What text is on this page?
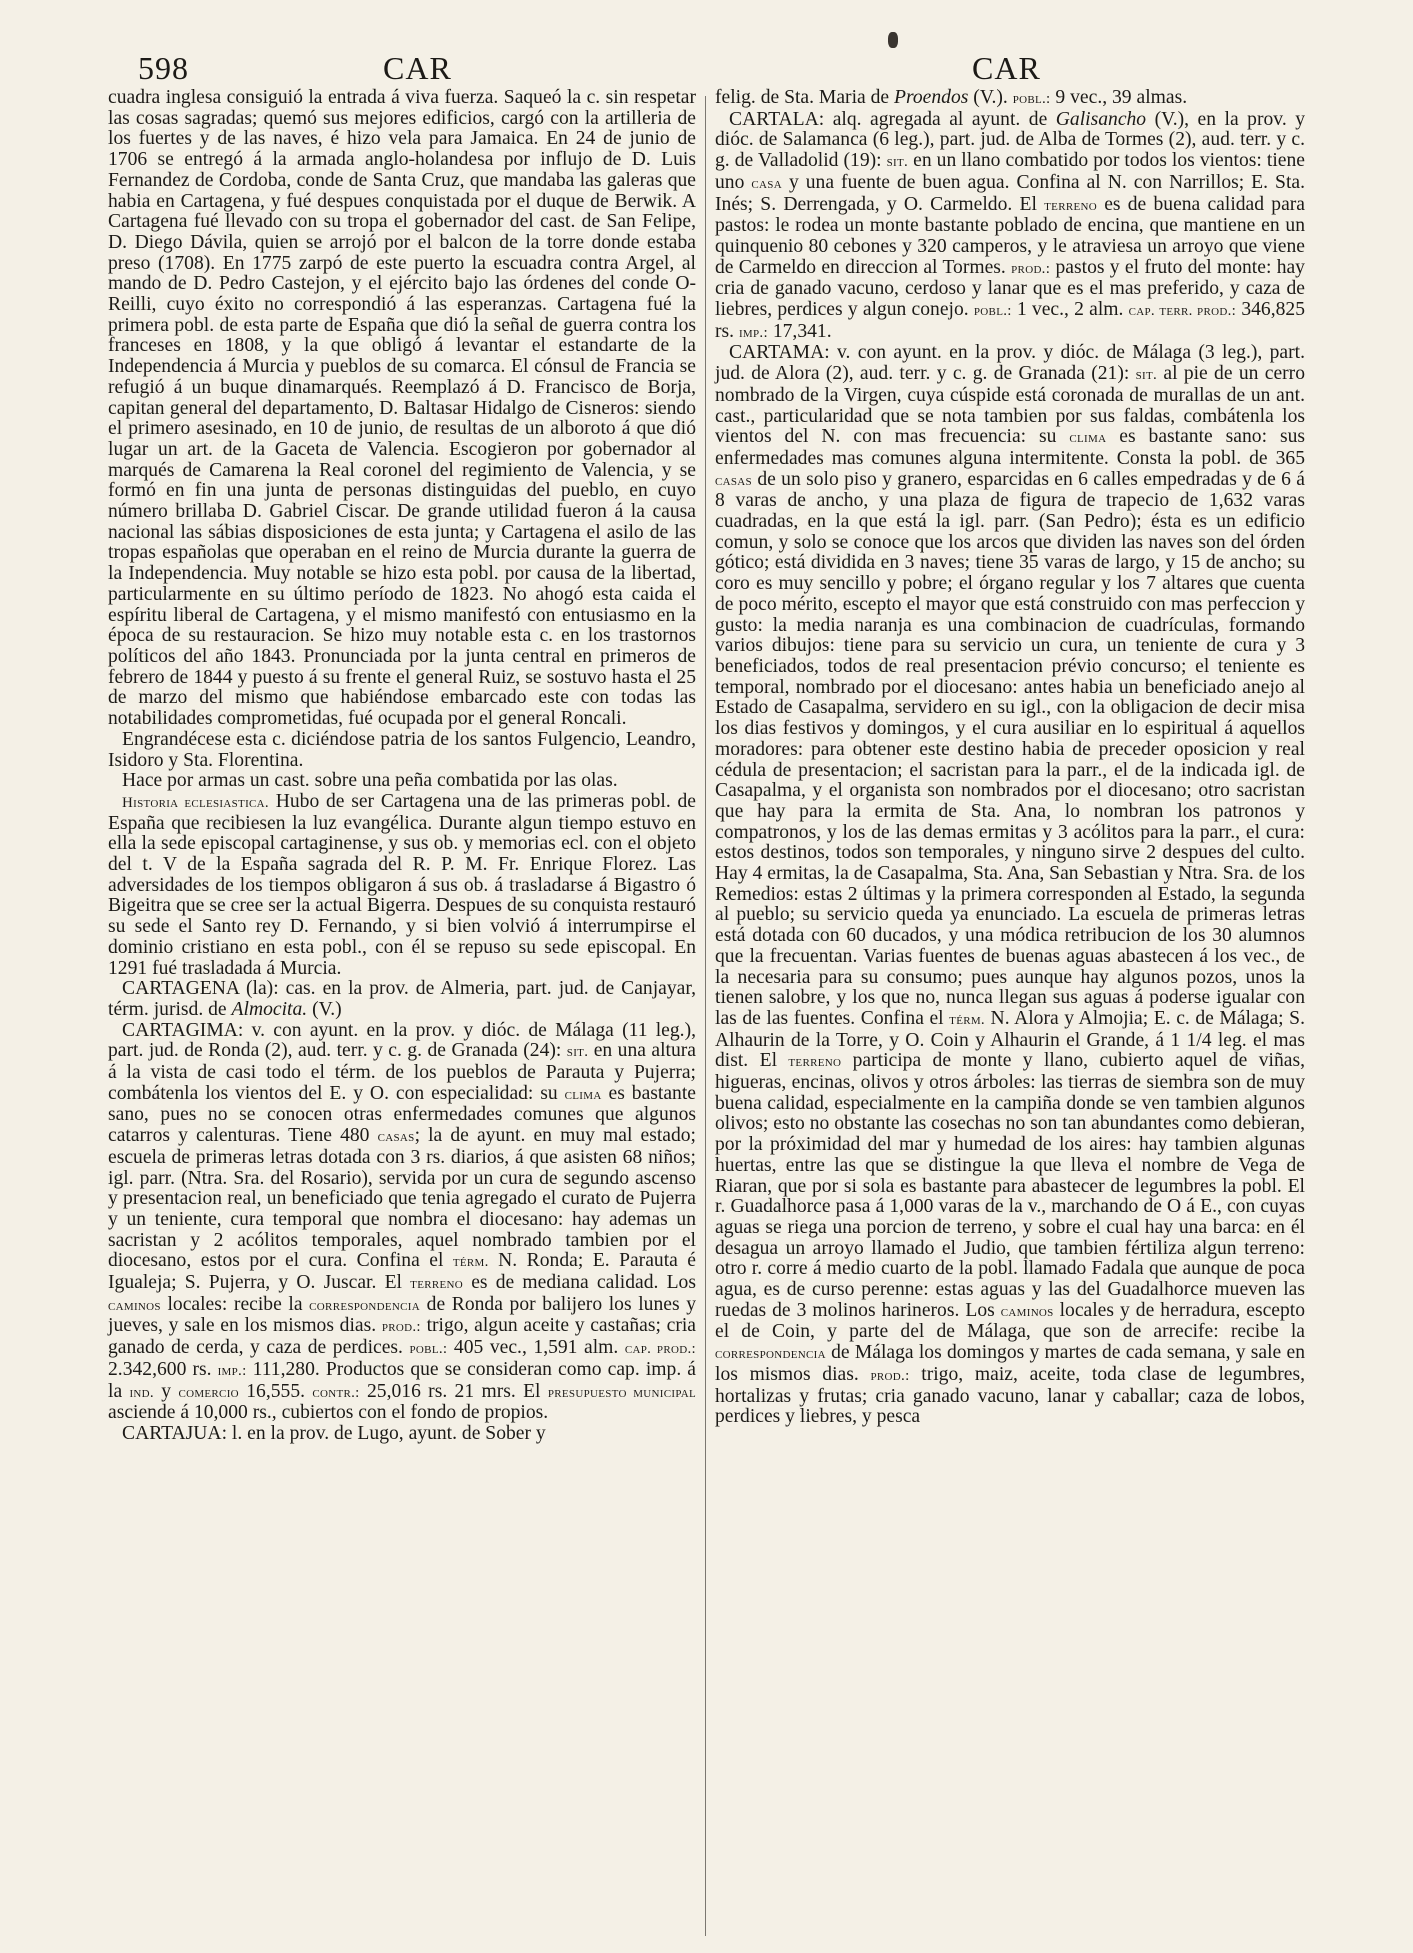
598	CAR	CAR

cuadra inglesa consiguió la entrada á viva fuerza. Saqueó la c. sin respetar las cosas sagradas; quemó sus mejores edificios, cargó con la artilleria de los fuertes y de las naves, é hizo vela para Jamaica. En 24 de junio de 1706 se entregó á la armada anglo-holandesa por influjo de D. Luis Fernandez de Cordoba, conde de Santa Cruz, que mandaba las galeras que habia en Cartagena, y fué despues conquistada por el duque de Berwik. A Cartagena fué llevado con su tropa el gobernador del cast. de San Felipe, D. Diego Dávila, quien se arrojó por el balcon de la torre donde estaba preso (1708). En 1775 zarpó de este puerto la escuadra contra Argel, al mando de D. Pedro Castejon, y el ejército bajo las órdenes del conde O-Reilli, cuyo éxito no correspondió á las esperanzas. Cartagena fué la primera pobl. de esta parte de España que dió la señal de guerra contra los franceses en 1808, y la que obligó á levantar el estandarte de la Independencia á Murcia y pueblos de su comarca. El cónsul de Francia se refugió á un buque dinamarqués. Reemplazó á D. Francisco de Borja, capitan general del departamento, D. Baltasar Hidalgo de Cisneros: siendo el primero asesinado, en 10 de junio, de resultas de un alboroto á que dió lugar un art. de la Gaceta de Valencia. Escogieron por gobernador al marqués de Camarena la Real coronel del regimiento de Valencia, y se formó en fin una junta de personas distinguidas del pueblo, en cuyo número brillaba D. Gabriel Ciscar. De grande utilidad fueron á la causa nacional las sábias disposiciones de esta junta; y Cartagena el asilo de las tropas españolas que operaban en el reino de Murcia durante la guerra de la Independencia. Muy notable se hizo esta pobl. por causa de la libertad, particularmente en su último período de 1823. No ahogó esta caida el espíritu liberal de Cartagena, y el mismo manifestó con entusiasmo en la época de su restauracion. Se hizo muy notable esta c. en los trastornos políticos del año 1843. Pronunciada por la junta central en primeros de febrero de 1844 y puesto á su frente el general Ruiz, se sostuvo hasta el 25 de marzo del mismo que habiéndose embarcado este con todas las notabilidades comprometidas, fué ocupada por el general Roncali.

Engrandécese esta c. diciéndose patria de los santos Fulgencio, Leandro, Isidoro y Sta. Florentina.

Hace por armas un cast. sobre una peña combatida por las olas.

Historia eclesiastica. Hubo de ser Cartagena una de las primeras pobl. de España que recibiesen la luz evangélica. Durante algun tiempo estuvo en ella la sede episcopal cartaginense, y sus ob. y memorias ecl. con el objeto del t. V de la España sagrada del R. P. M. Fr. Enrique Florez. Las adversidades de los tiempos obligaron á sus ob. á trasladarse á Bigastro ó Bigeitra que se cree ser la actual Bigerra. Despues de su conquista restauró su sede el Santo rey D. Fernando, y si bien volvió á interrumpirse el dominio cristiano en esta pobl., con él se repuso su sede episcopal. En 1291 fué trasladada á Murcia.

CARTAGENA (la): cas. en la prov. de Almeria, part. jud. de Canjayar, térm. jurisd. de Almocita. (V.)

CARTAGIMA: v. con ayunt. en la prov. y dióc. de Málaga (11 leg.), part. jud. de Ronda (2), aud. terr. y c. g. de Granada (24): sit. en una altura á la vista de casi todo el térm. de los pueblos de Parauta y Pujerra; combátenla los vientos del E. y O. con especialidad: su clima es bastante sano, pues no se conocen otras enfermedades comunes que algunos catarros y calenturas. Tiene 480 casas; la de ayunt. en muy mal estado; escuela de primeras letras dotada con 3 rs. diarios, á que asisten 68 niños; igl. parr. (Ntra. Sra. del Rosario), servida por un cura de segundo ascenso y presentacion real, un beneficiado que tenia agregado el curato de Pujerra y un teniente, cura temporal que nombra el diocesano: hay ademas un sacristan y 2 acólitos temporales, aquel nombrado tambien por el diocesano, estos por el cura. Confina el térm. N. Ronda; E. Parauta é Igualeja; S. Pujerra, y O. Juscar. El terreno es de mediana calidad. Los caminos locales: recibe la correspondencia de Ronda por balijero los lunes y jueves, y sale en los mismos dias. prod.: trigo, algun aceite y castañas; cria ganado de cerda, y caza de perdices. pobl.: 405 vec., 1,591 alm. cap. prod.: 2.342,600 rs. imp.: 111,280. Productos que se consideran como cap. imp. á la ind. y comercio 16,555. contr.: 25,016 rs. 21 mrs. El presupuesto municipal asciende á 10,000 rs., cubiertos con el fondo de propios.

CARTAJUA: l. en la prov. de Lugo, ayunt. de Sober y

felig. de Sta. Maria de Proendos (V.). pobl.: 9 vec., 39 almas.

CARTALA: alq. agregada al ayunt. de Galisancho (V.), en la prov. y dióc. de Salamanca (6 leg.), part. jud. de Alba de Tormes (2), aud. terr. y c. g. de Valladolid (19): sit. en un llano combatido por todos los vientos: tiene uno casa y una fuente de buen agua. Confina al N. con Narrillos; E. Sta. Inés; S. Derrengada, y O. Carmeldo. El terreno es de buena calidad para pastos: le rodea un monte bastante poblado de encina, que mantiene en un quinquenio 80 cebones y 320 camperos, y le atraviesa un arroyo que viene de Carmeldo en direccion al Tormes. prod.: pastos y el fruto del monte: hay cria de ganado vacuno, cerdoso y lanar que es el mas preferido, y caza de liebres, perdices y algun conejo. pobl.: 1 vec., 2 alm. cap. terr. prod.: 346,825 rs. imp.: 17,341.

CARTAMA: v. con ayunt. en la prov. y dióc. de Málaga (3 leg.), part. jud. de Alora (2), aud. terr. y c. g. de Granada (21): sit. al pie de un cerro nombrado de la Virgen, cuya cúspide está coronada de murallas de un ant. cast., particularidad que se nota tambien por sus faldas, combátenla los vientos del N. con mas frecuencia: su clima es bastante sano: sus enfermedades mas comunes alguna intermitente. Consta la pobl. de 365 casas de un solo piso y granero, esparcidas en 6 calles empedradas y de 6 á 8 varas de ancho, y una plaza de figura de trapecio de 1,632 varas cuadradas, en la que está la igl. parr. (San Pedro); ésta es un edificio comun, y solo se conoce que los arcos que dividen las naves son del órden gótico; está dividida en 3 naves; tiene 35 varas de largo, y 15 de ancho; su coro es muy sencillo y pobre; el órgano regular y los 7 altares que cuenta de poco mérito, escepto el mayor que está construido con mas perfeccion y gusto: la media naranja es una combinacion de cuadrículas, formando varios dibujos: tiene para su servicio un cura, un teniente de cura y 3 beneficiados, todos de real presentacion prévio concurso; el teniente es temporal, nombrado por el diocesano: antes habia un beneficiado anejo al Estado de Casapalma, servidero en su igl., con la obligacion de decir misa los dias festivos y domingos, y el cura ausiliar en lo espiritual á aquellos moradores: para obtener este destino habia de preceder oposicion y real cédula de presentacion; el sacristan para la parr., el de la indicada igl. de Casapalma, y el organista son nombrados por el diocesano; otro sacristan que hay para la ermita de Sta. Ana, lo nombran los patronos y compatronos, y los de las demas ermitas y 3 acólitos para la parr., el cura: estos destinos, todos son temporales, y ninguno sirve 2 despues del culto. Hay 4 ermitas, la de Casapalma, Sta. Ana, San Sebastian y Ntra. Sra. de los Remedios: estas 2 últimas y la primera corresponden al Estado, la segunda al pueblo; su servicio queda ya enunciado. La escuela de primeras letras está dotada con 60 ducados, y una módica retribucion de los 30 alumnos que la frecuentan. Varias fuentes de buenas aguas abastecen á los vec., de la necesaria para su consumo; pues aunque hay algunos pozos, unos la tienen salobre, y los que no, nunca llegan sus aguas á poderse igualar con las de las fuentes. Confina el térm. N. Alora y Almojia; E. c. de Málaga; S. Alhaurin de la Torre, y O. Coin y Alhaurin el Grande, á 1 1/4 leg. el mas dist. El terreno participa de monte y llano, cubierto aquel de viñas, higueras, encinas, olivos y otros árboles: las tierras de siembra son de muy buena calidad, especialmente en la campiña donde se ven tambien algunos olivos; esto no obstante las cosechas no son tan abundantes como debieran, por la próximidad del mar y humedad de los aires: hay tambien algunas huertas, entre las que se distingue la que lleva el nombre de Vega de Riaran, que por si sola es bastante para abastecer de legumbres la pobl. El r. Guadalhorce pasa á 1,000 varas de la v., marchando de O á E., con cuyas aguas se riega una porcion de terreno, y sobre el cual hay una barca: en él desagua un arroyo llamado el Judio, que tambien fértiliza algun terreno: otro r. corre á medio cuarto de la pobl. llamado Fadala que aunque de poca agua, es de curso perenne: estas aguas y las del Guadalhorce mueven las ruedas de 3 molinos harineros. Los caminos locales y de herradura, escepto el de Coin, y parte del de Málaga, que son de arrecife: recibe la correspondencia de Málaga los domingos y martes de cada semana, y sale en los mismos dias. prod.: trigo, maiz, aceite, toda clase de legumbres, hortalizas y frutas; cria ganado vacuno, lanar y caballar; caza de lobos, perdices y liebres, y pesca
